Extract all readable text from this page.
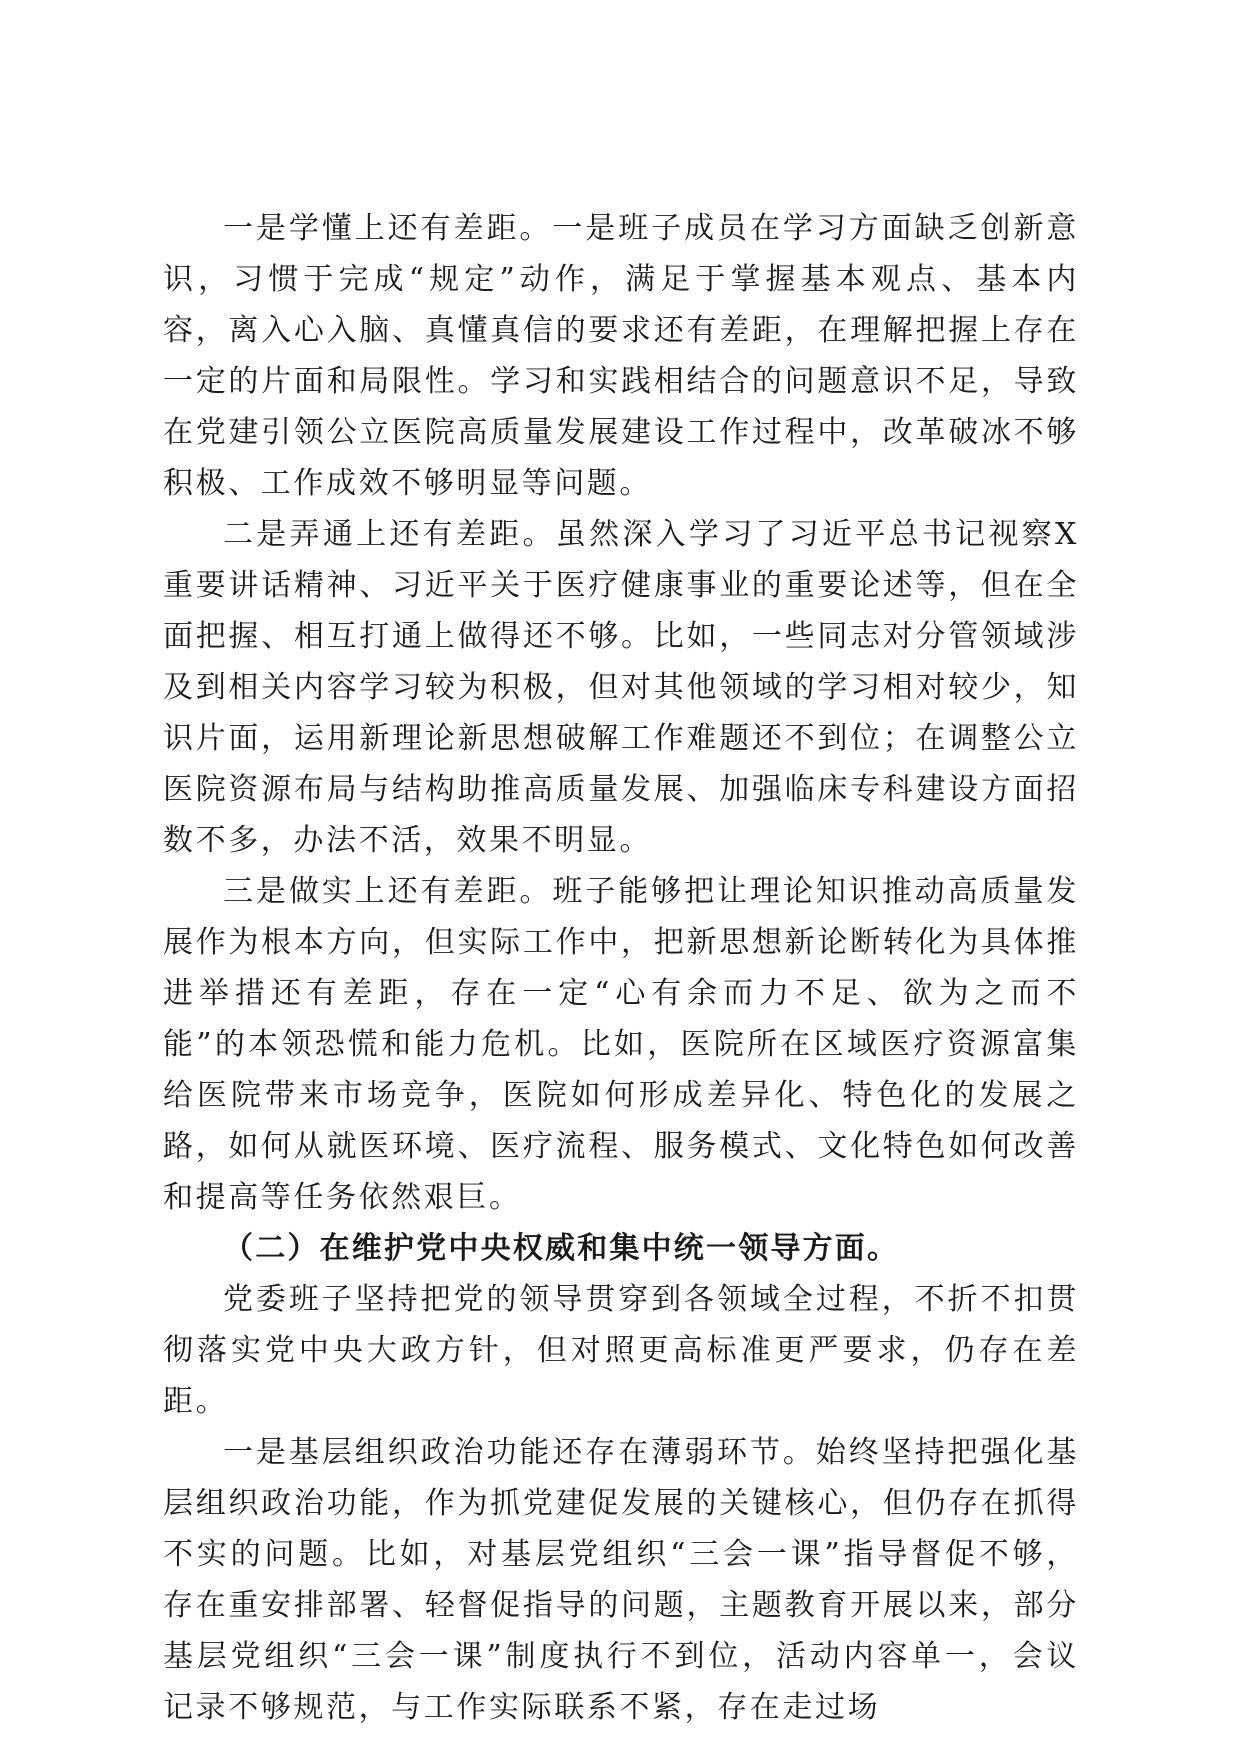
一是学懂上还有差距。一是班子成员在学习方面缺乏创新意识，习惯于完成“规定”动作，满足于掌握基本观点、基本内容，离入心入脑、真懂真信的要求还有差距，在理解把握上存在一定的片面和局限性。学习和实践相结合的问题意识不足，导致在党建引领公立医院高质量发展建设工作过程中，改革破冰不够积极、工作成效不够明显等问题。

二是弄通上还有差距。虽然深入学习了习近平总书记视察X重要讲话精神、习近平关于医疗健康事业的重要论述等，但在全面把握、相互打通上做得还不够。比如，一些同志对分管领域涉及到相关内容学习较为积极，但对其他领域的学习相对较少，知识片面，运用新理论新思想破解工作难题还不到位；在调整公立医院资源布局与结构助推高质量发展、加强临床专科建设方面招数不多，办法不活，效果不明显。

三是做实上还有差距。班子能够把让理论知识推动高质量发展作为根本方向，但实际工作中，把新思想新论断转化为具体推进举措还有差距，存在一定“心有余而力不足、欲为之而不能”的本领恐慌和能力危机。比如，医院所在区域医疗资源富集给医院带来市场竞争，医院如何形成差异化、特色化的发展之路，如何从就医环境、医疗流程、服务模式、文化特色如何改善和提高等任务依然艰巨。

（二）在维护党中央权威和集中统一领导方面。

党委班子坚持把党的领导贯穿到各领域全过程，不折不扣贯彻落实党中央大政方针，但对照更高标准更严要求，仍存在差距。

一是基层组织政治功能还存在薄弱环节。始终坚持把强化基层组织政治功能，作为抓党建促发展的关键核心，但仍存在抓得不实的问题。比如，对基层党组织“三会一课”指导督促不够，存在重安排部署、轻督促指导的问题，主题教育开展以来，部分基层党组织“三会一课”制度执行不到位，活动内容单一，会议记录不够规范，与工作实际联系不紧，存在走过场
